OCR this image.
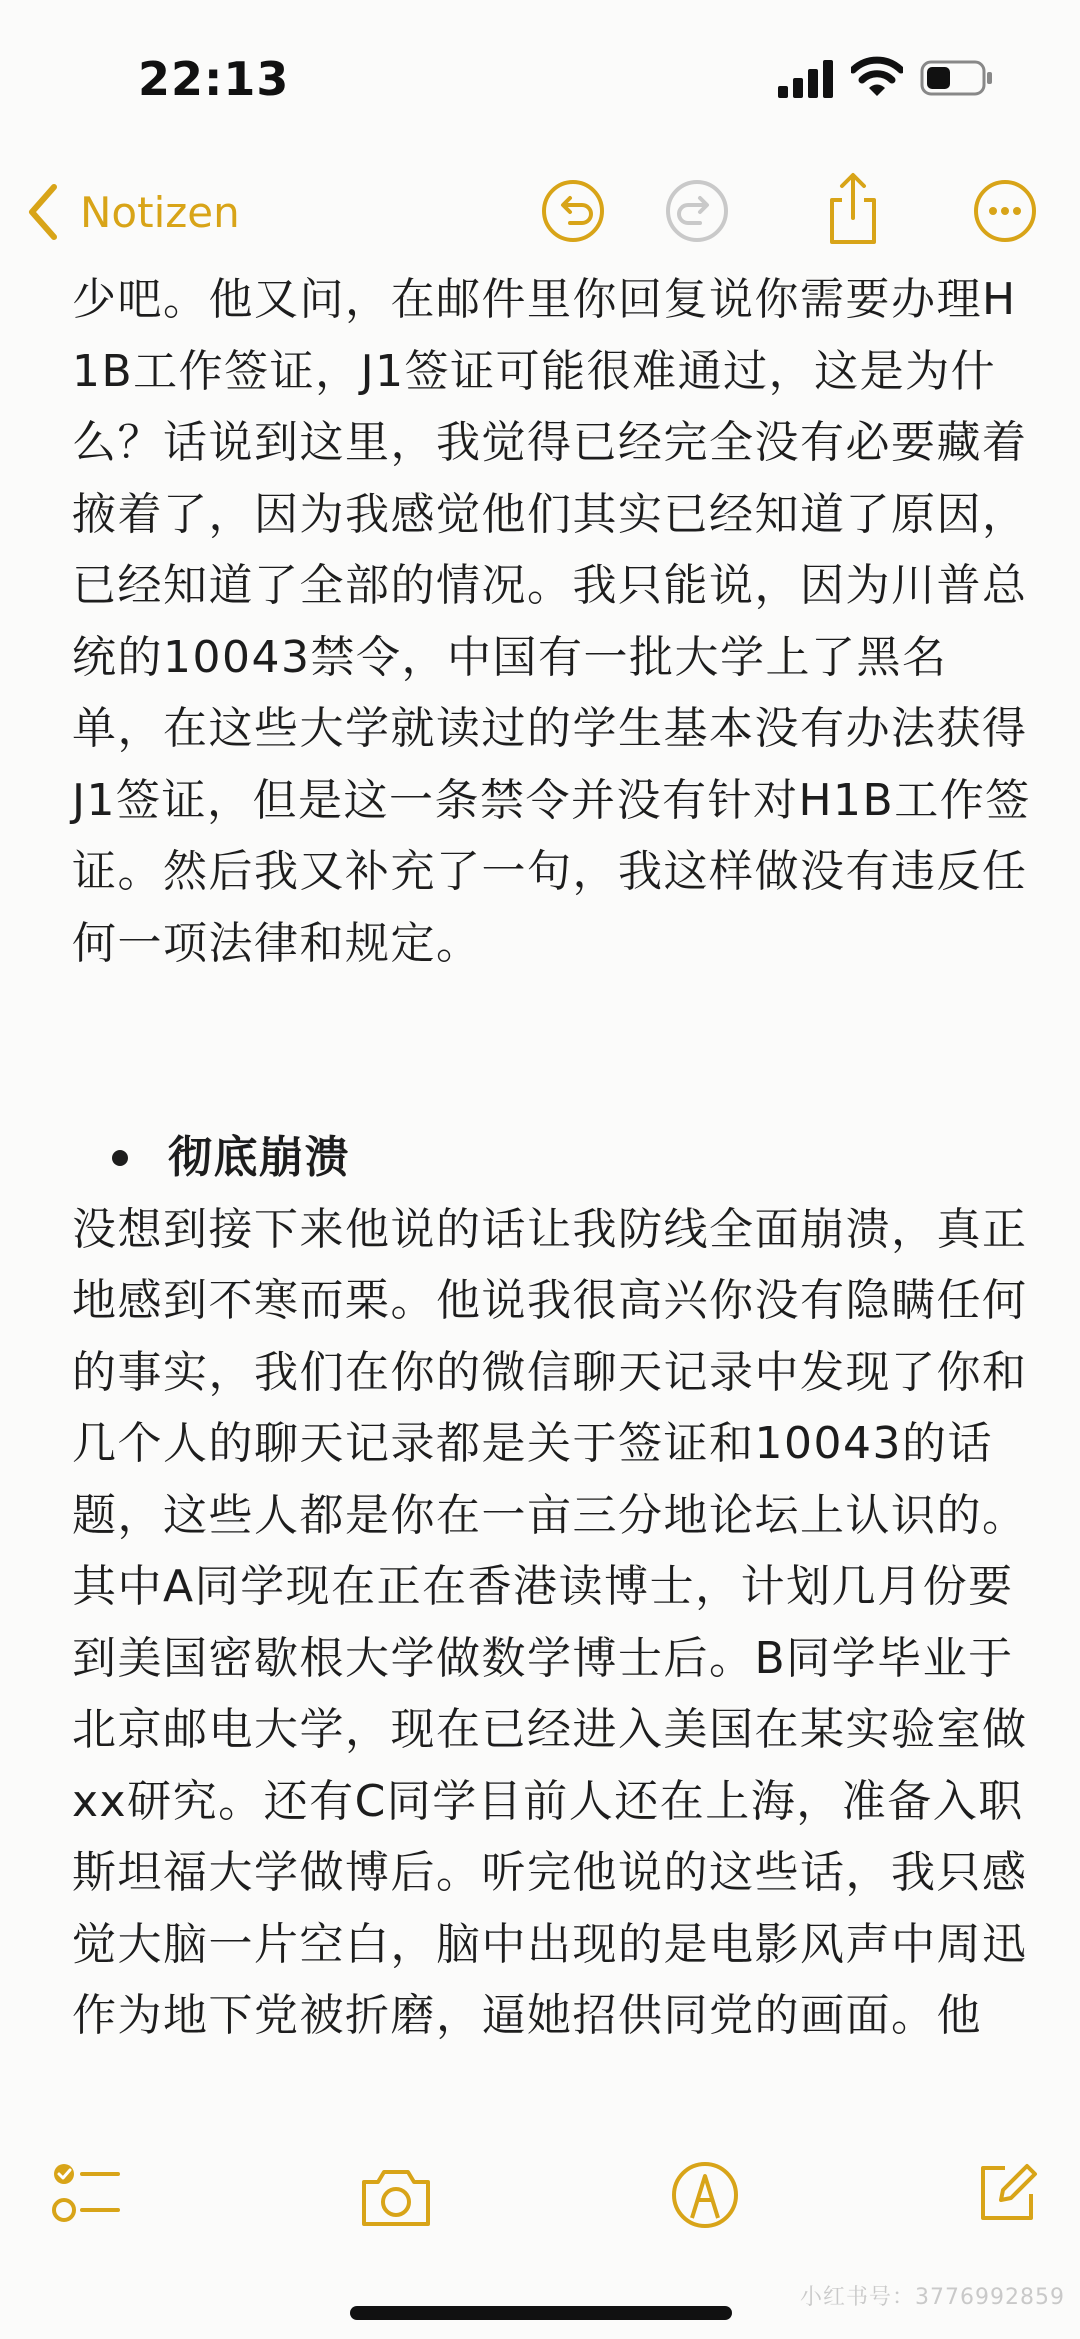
22:13
Notizen

少吧。他又问，在邮件里你回复说你需要办理H1B工作签证，J1签证可能很难通过，这是为什么？话说到这里，我觉得已经完全没有必要藏着掖着了，因为我感觉他们其实已经知道了原因，已经知道了全部的情况。我只能说，因为川普总统的10043禁令，中国有一批大学上了黑名单，在这些大学就读过的学生基本没有办法获得J1签证，但是这一条禁令并没有针对H1B工作签证。然后我又补充了一句，我这样做没有违反任何一项法律和规定。

彻底崩溃

没想到接下来他说的话让我防线全面崩溃，真正地感到不寒而栗。他说我很高兴你没有隐瞒任何的事实，我们在你的微信聊天记录中发现了你和几个人的聊天记录都是关于签证和10043的话题，这些人都是你在一亩三分地论坛上认识的。其中A同学现在正在香港读博士，计划几月份要到美国密歇根大学做数学博士后。B同学毕业于北京邮电大学，现在已经进入美国在某实验室做xx研究。还有C同学目前人还在上海，准备入职斯坦福大学做博后。听完他说的这些话，我只感觉大脑一片空白，脑中出现的是电影风声中周迅作为地下党被折磨，逼她招供同党的画面。他

小红书号：3776992859
